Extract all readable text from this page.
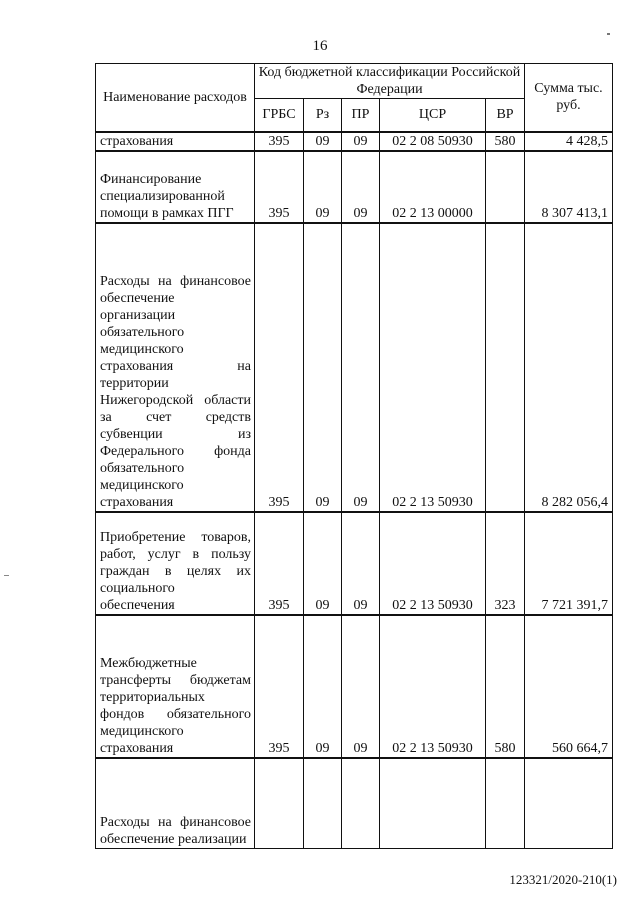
16
Наименование расходов	Код бюджетной классификации Российской Федерации					Сумма тыс. руб.
	ГРБС	Рз	ПР	ЦСР	ВР	
страхования	395	09	09	02 2 08 50930	580	4 428,5
Финансирование специализированной помощи в рамках ПГГ	395	09	09	02 2 13 00000		8 307 413,1
Расходы на финансовое обеспечение организации обязательного медицинского страхования на территории Нижегородской области за счет средств субвенции из Федерального фонда обязательного медицинского страхования	395	09	09	02 2 13 50930		8 282 056,4
Приобретение товаров, работ, услуг в пользу граждан в целях их социального обеспечения	395	09	09	02 2 13 50930	323	7 721 391,7
Межбюджетные трансферты бюджетам территориальных фондов обязательного медицинского страхования	395	09	09	02 2 13 50930	580	560 664,7
Расходы на финансовое обеспечение реализации						
123321/2020-210(1)
